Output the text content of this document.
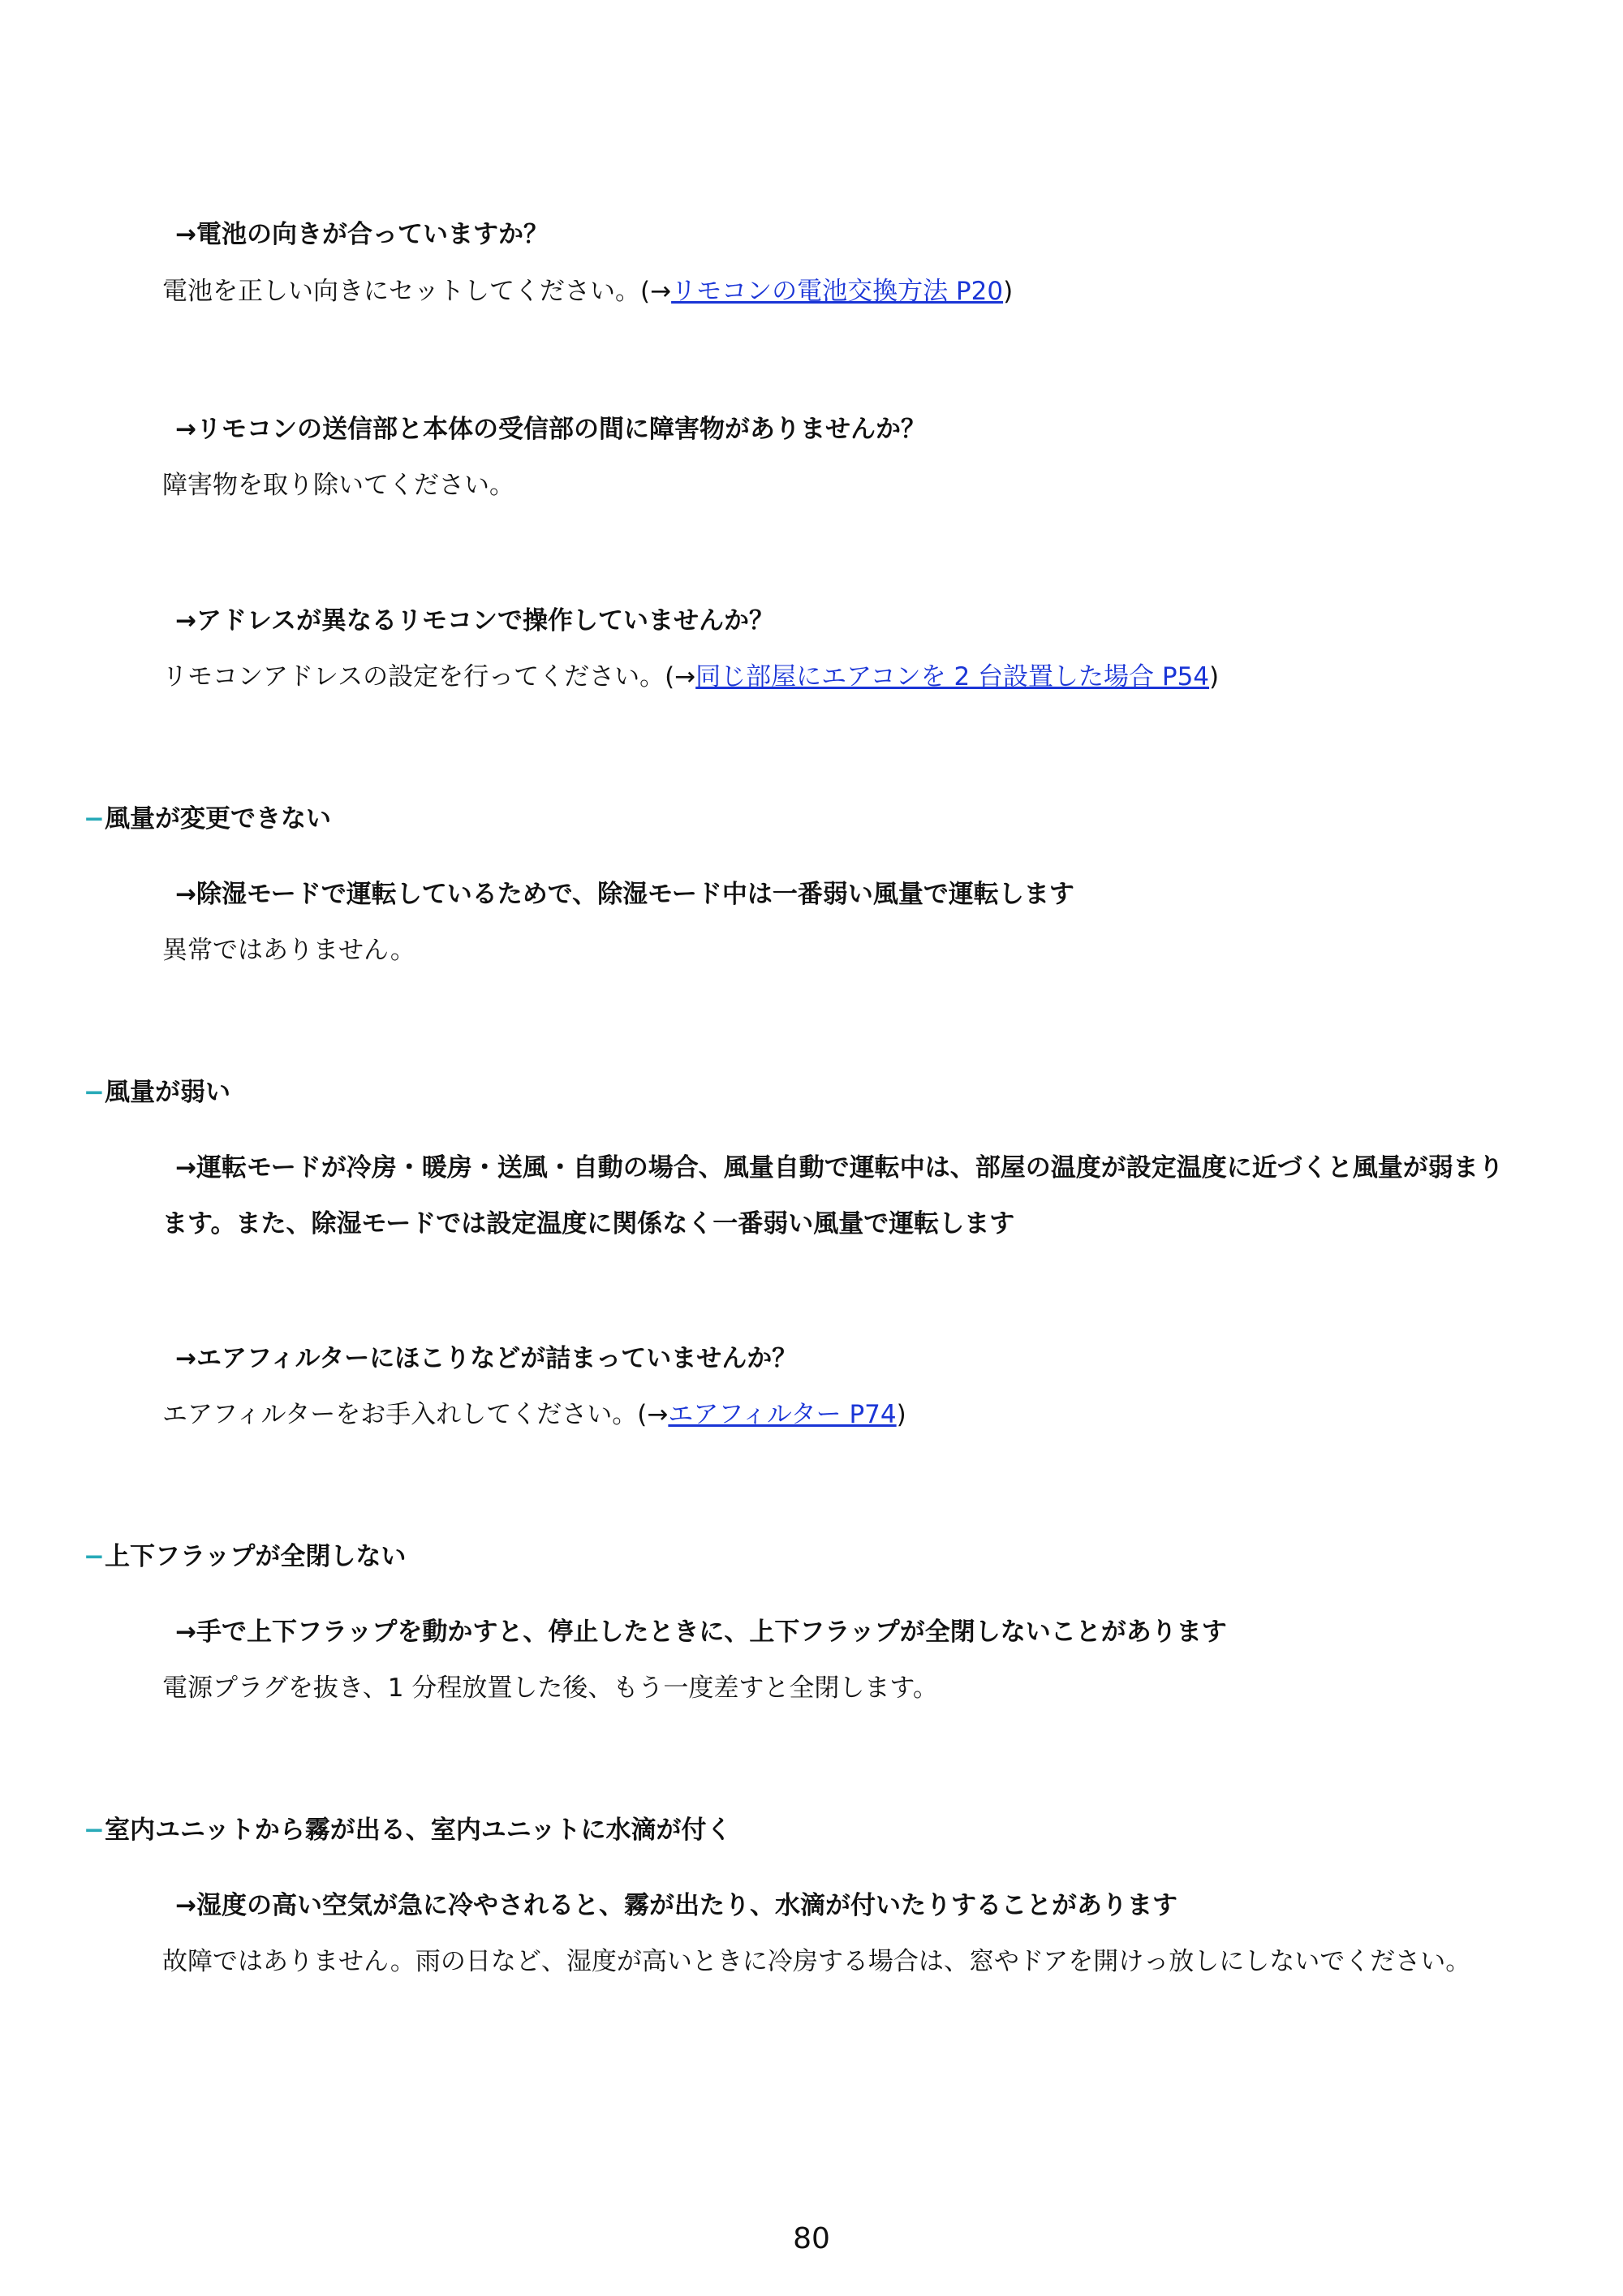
→電池の向きが合っていますか？
電池を正しい向きにセットしてください。(→リモコンの電池交換方法 P20)
→リモコンの送信部と本体の受信部の間に障害物がありませんか？
障害物を取り除いてください。
→アドレスが異なるリモコンで操作していませんか？
リモコンアドレスの設定を行ってください。(→同じ部屋にエアコンを 2 台設置した場合 P54)
−風量が変更できない
→除湿モードで運転しているためで、除湿モード中は一番弱い風量で運転します
異常ではありません。
−風量が弱い
→運転モードが冷房・暖房・送風・自動の場合、風量自動で運転中は、部屋の温度が設定温度に近づくと風量が弱まり
ます。また、除湿モードでは設定温度に関係なく一番弱い風量で運転します
→エアフィルターにほこりなどが詰まっていませんか？
エアフィルターをお手入れしてください。(→エアフィルター P74)
−上下フラップが全閉しない
→手で上下フラップを動かすと、停止したときに、上下フラップが全閉しないことがあります
電源プラグを抜き、1 分程放置した後、もう一度差すと全閉します。
−室内ユニットから霧が出る、室内ユニットに水滴が付く
→湿度の高い空気が急に冷やされると、霧が出たり、水滴が付いたりすることがあります
故障ではありません。雨の日など、湿度が高いときに冷房する場合は、窓やドアを開けっ放しにしないでください。
80
